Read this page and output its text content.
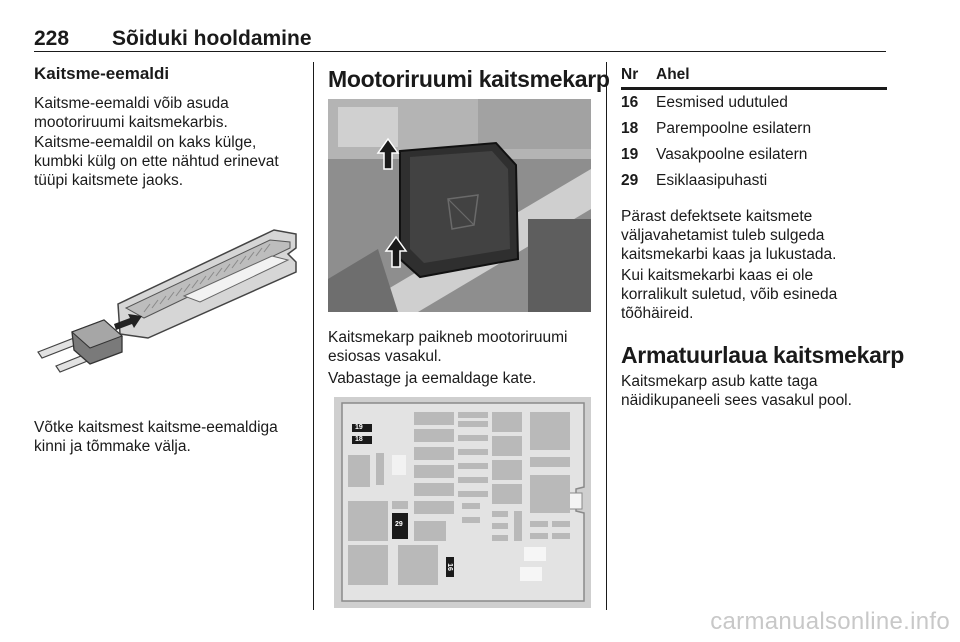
228 Sõiduki hooldamine
Kaitsme-eemaldi
Kaitsme-eemaldi võib asuda mootoriruumi kaitsmekarbis.
Kaitsme-eemaldil on kaks külge, kumbki külg on ette nähtud erinevat tüüpi kaitsmete jaoks.
Võtke kaitsmest kaitsme-eemaldiga kinni ja tõmmake välja.
Mootoriruumi kaitsmekarp
Kaitsmekarp paikneb mootoriruumi esiosas vasakul.
Vabastage ja eemaldage kate.
19
18
29
16
Nr	Ahel
16	Eesmised udutuled
18	Parempoolne esilatern
19	Vasakpoolne esilatern
29	Esiklaasipuhasti
Pärast defektsete kaitsmete väljavahetamist tuleb sulgeda kaitsmekarbi kaas ja lukustada.
Kui kaitsmekarbi kaas ei ole korralikult suletud, võib esineda tõõhäireid.
Armatuurlaua kaitsmekarp
Kaitsmekarp asub katte taga näidikupaneeli sees vasakul pool.
carmanualsonline.info
